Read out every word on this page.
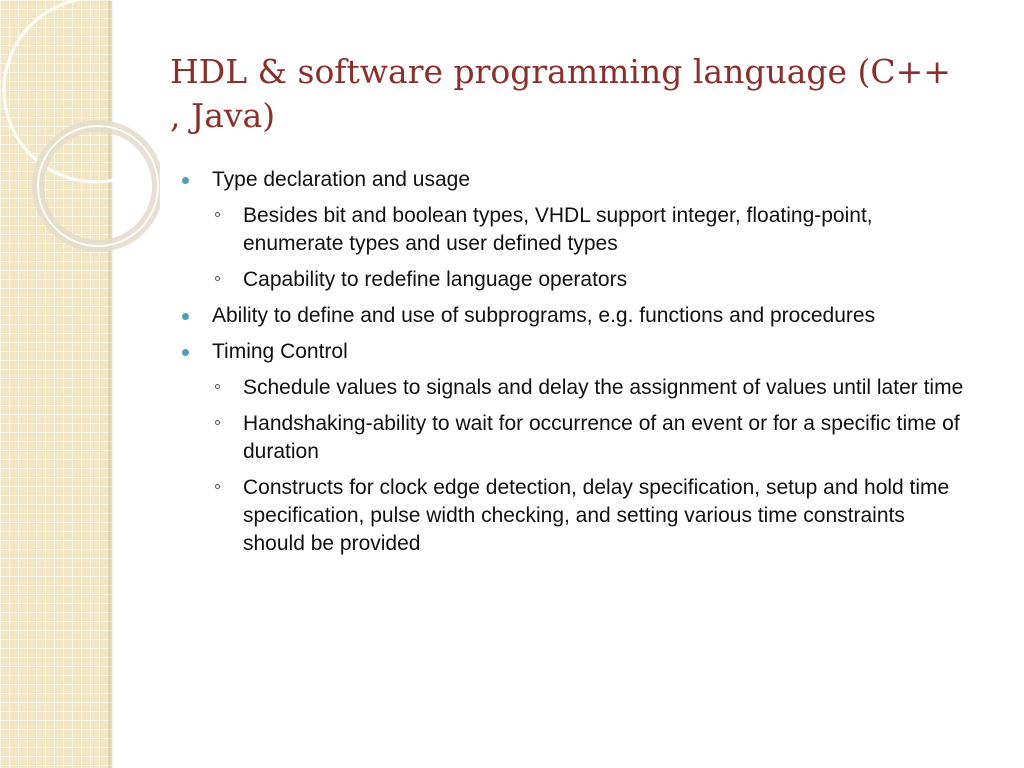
HDL & software programming language (C++ , Java)
Type declaration and usage
Besides bit and boolean types, VHDL support integer, floating-point, enumerate types and user defined types
Capability to redefine language operators
Ability to define and use of subprograms, e.g. functions and procedures
Timing Control
Schedule values to signals and delay the assignment of values until later time
Handshaking-ability to wait for occurrence of an event or for a specific time of duration
Constructs for clock edge detection, delay specification, setup and hold time specification, pulse width checking, and setting various time constraints should be provided
